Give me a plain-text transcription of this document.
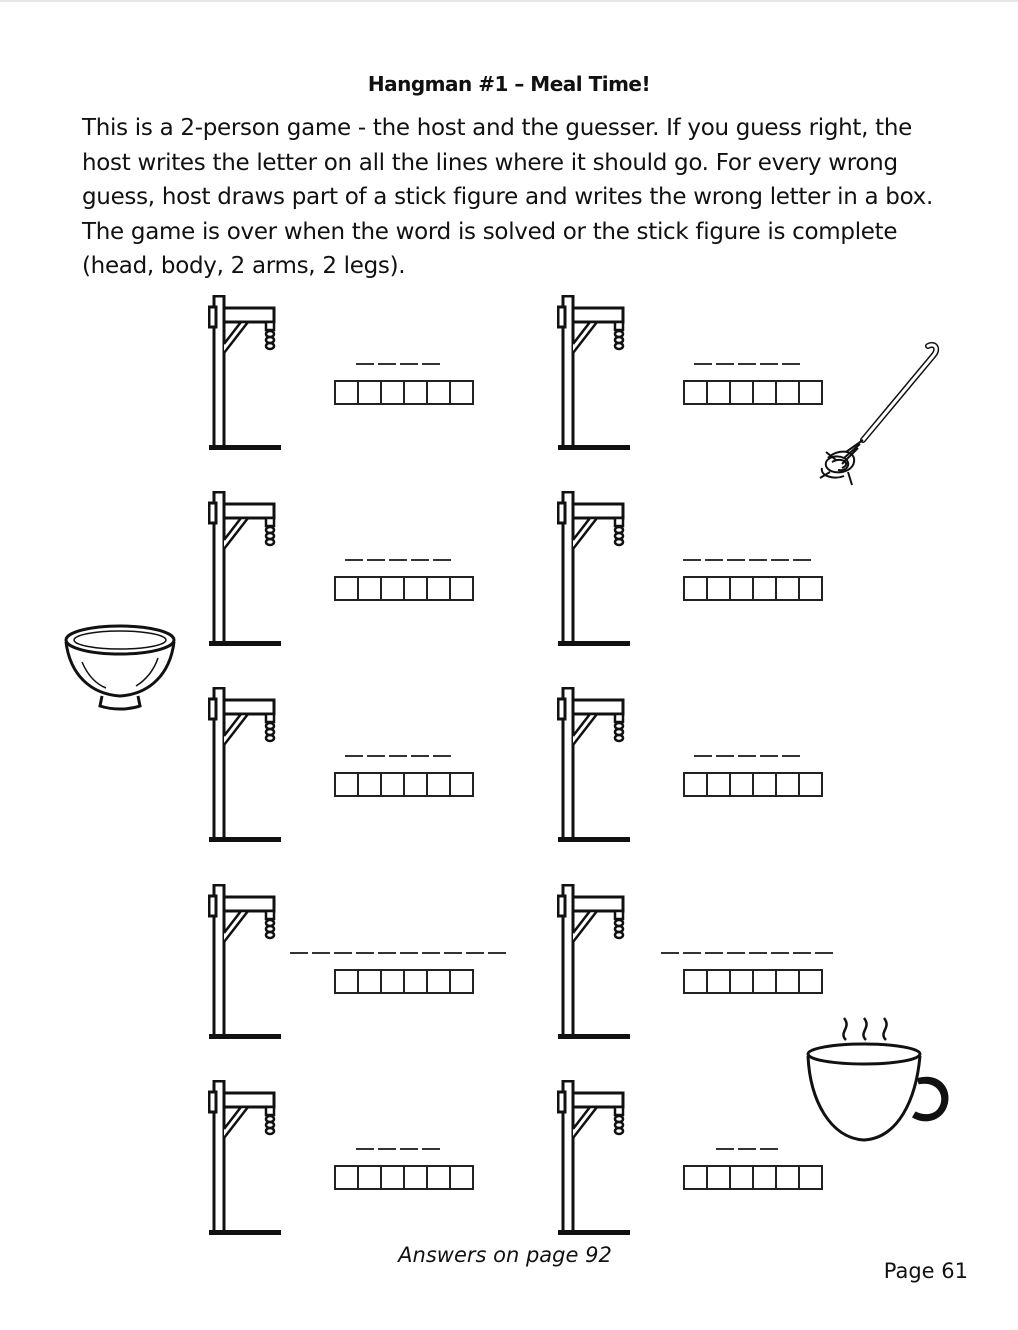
Hangman #1 – Meal Time!

This is a 2-person game - the host and the guesser. If you guess right, the host writes the letter on all the lines where it should go. For every wrong guess, host draws part of a stick figure and writes the wrong letter in a box. The game is over when the word is solved or the stick figure is complete (head, body, 2 arms, 2 legs).

Answers on page 92
Page 61
